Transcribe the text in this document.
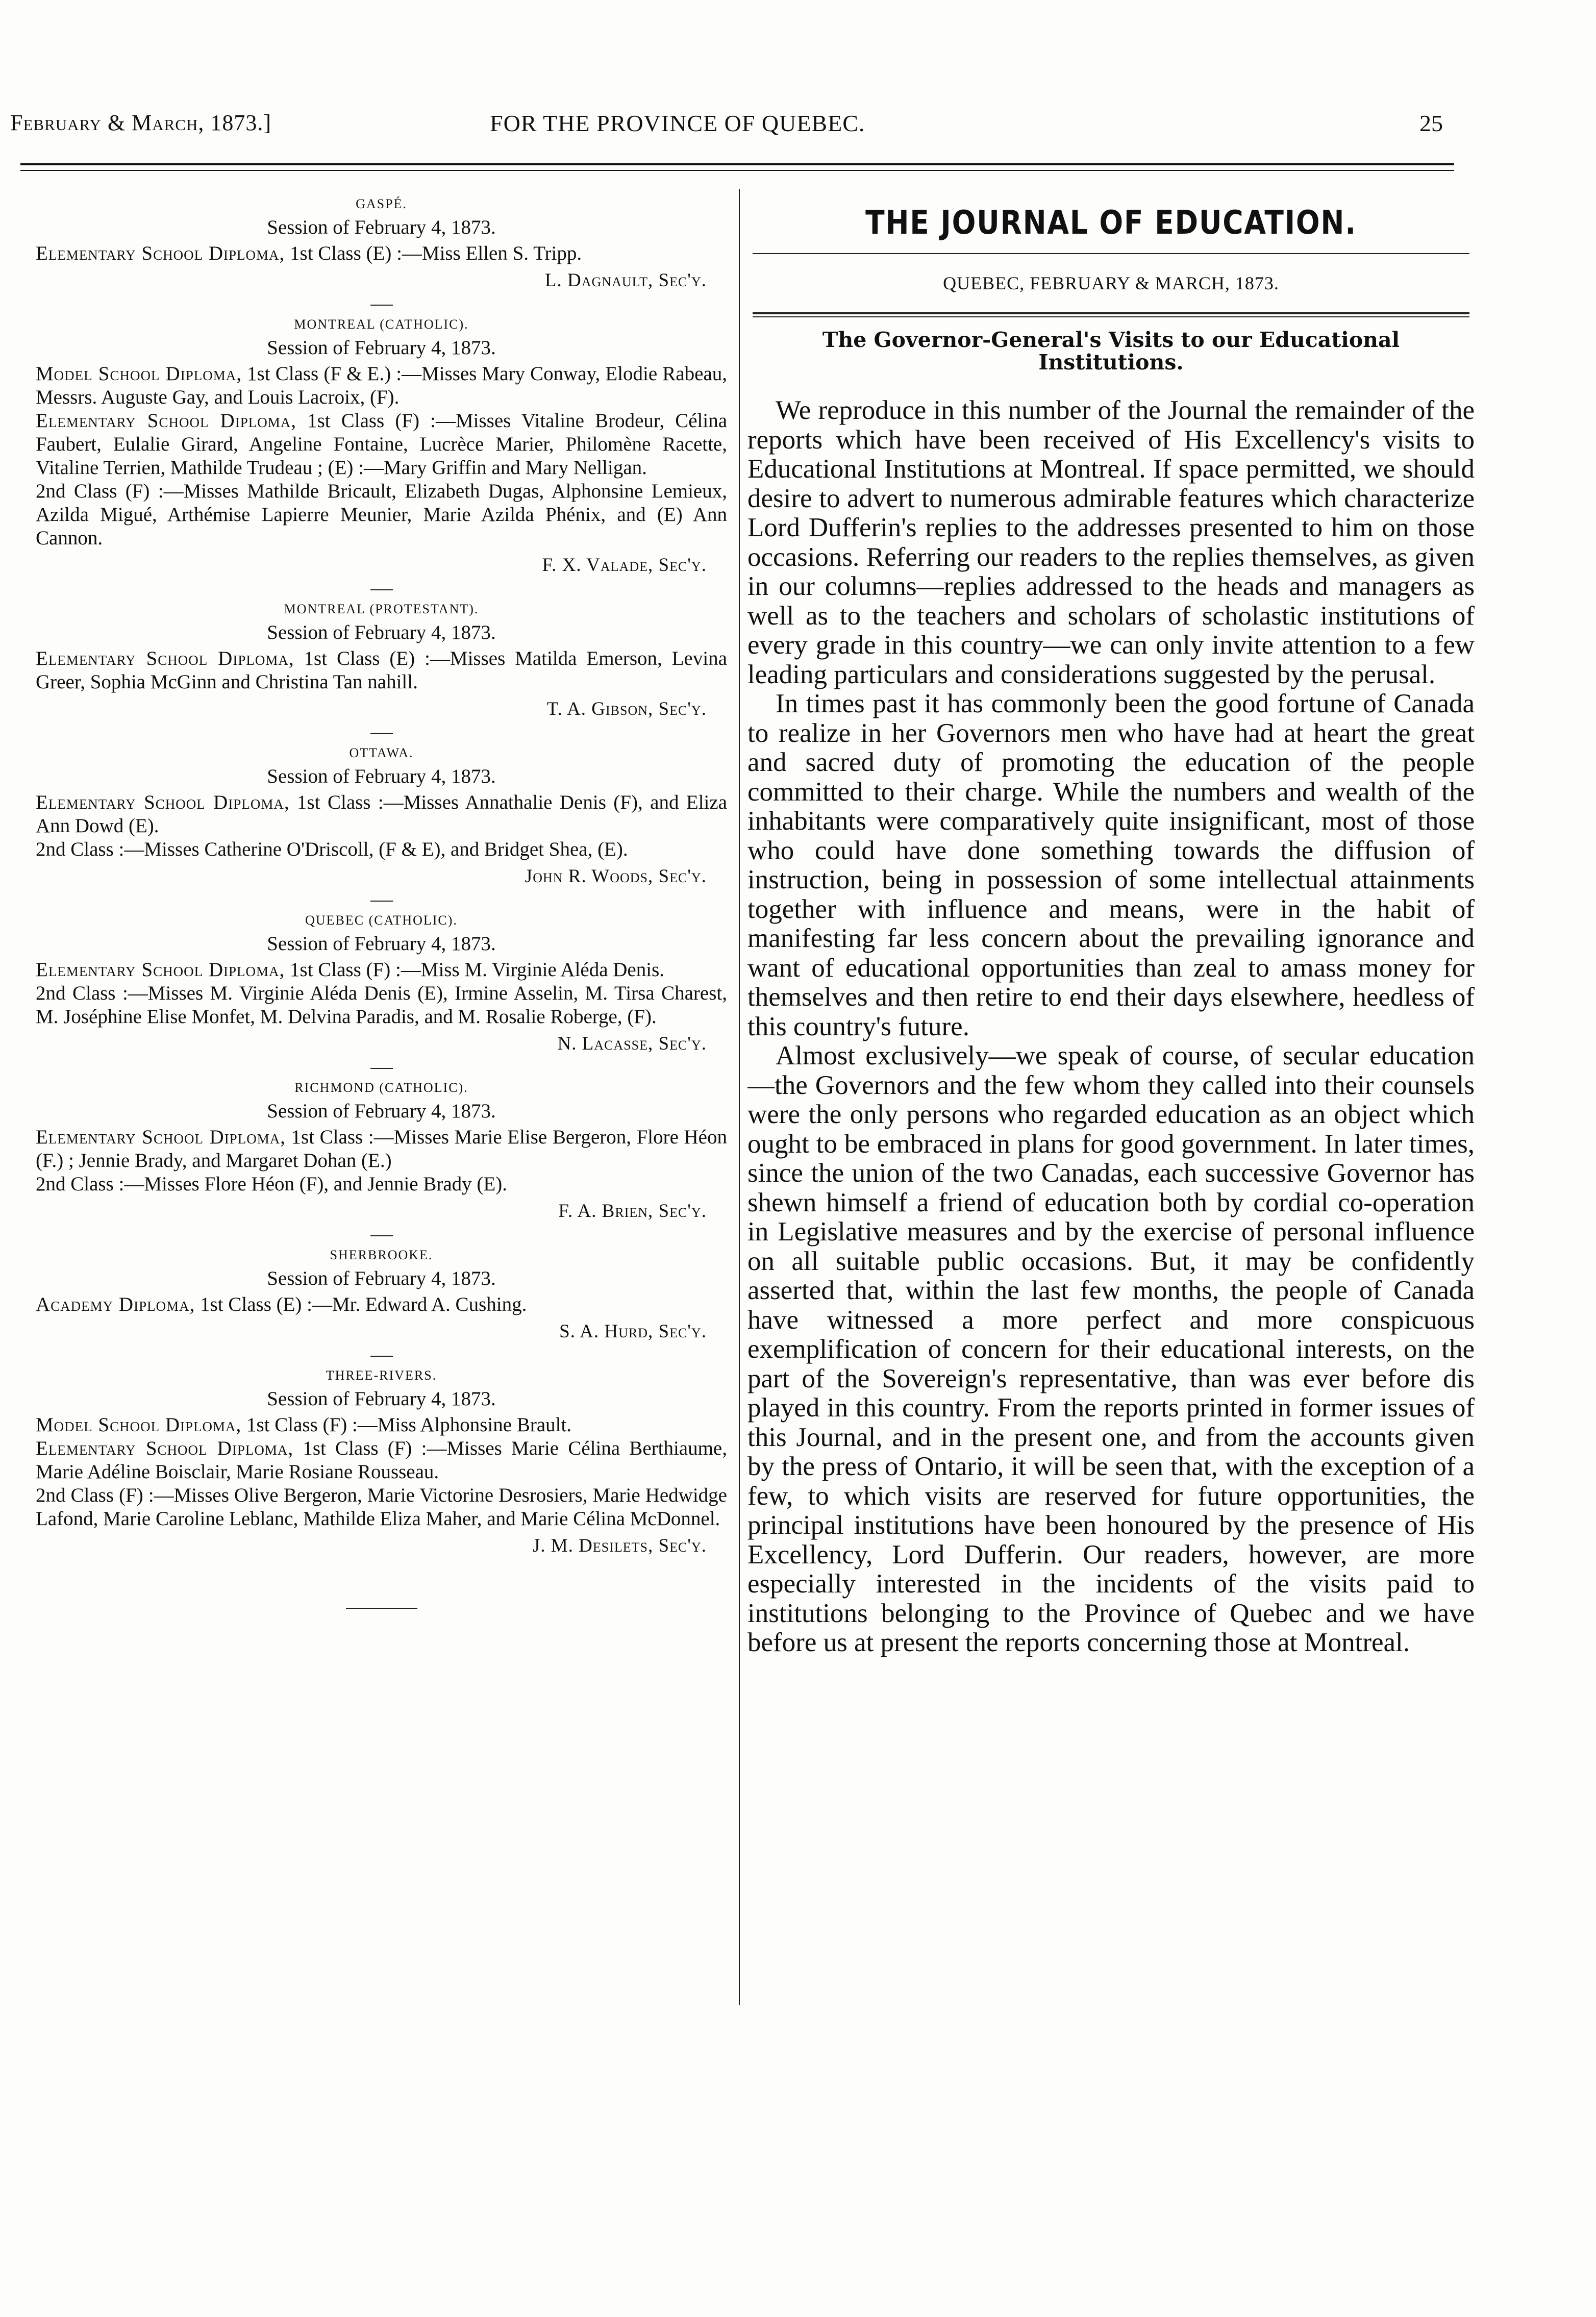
February & March, 1873.]	FOR THE PROVINCE OF QUEBEC.	25
GASPÉ.
Session of February 4, 1873.

Elementary School Diploma, 1st Class (E) :—Miss Ellen S. Tripp.

L. Dagnault, Sec'y.
MONTREAL (CATHOLIC).
Session of February 4, 1873.

Model School Diploma, 1st Class (F & E.) :—Misses Mary Conway, Elodie Rabeau, Messrs. Auguste Gay, and Louis Lacroix, (F).

Elementary School Diploma, 1st Class (F) :—Misses Vitaline Brodeur, Célina Faubert, Eulalie Girard, Angeline Fontaine, Lucrèce Marier, Philomène Racette, Vitaline Terrien, Mathilde Trudeau ; (E) :—Mary Griffin and Mary Nelligan.

2nd Class (F) :—Misses Mathilde Bricault, Elizabeth Dugas, Alphonsine Lemieux, Azilda Migué, Arthémise Lapierre Meunier, Marie Azilda Phénix, and (E) Ann Cannon.

F. X. Valade, Sec'y.
MONTREAL (PROTESTANT).
Session of February 4, 1873.

Elementary School Diploma, 1st Class (E) :—Misses Matilda Emerson, Levina Greer, Sophia McGinn and Christina Tan nahill.

T. A. Gibson, Sec'y.
OTTAWA.
Session of February 4, 1873.

Elementary School Diploma, 1st Class :—Misses Annathalie Denis (F), and Eliza Ann Dowd (E).

2nd Class :—Misses Catherine O'Driscoll, (F & E), and Bridget Shea, (E).

John R. Woods, Sec'y.
QUEBEC (CATHOLIC).
Session of February 4, 1873.

Elementary School Diploma, 1st Class (F) :—Miss M. Virginie Aléda Denis.

2nd Class :—Misses M. Virginie Aléda Denis (E), Irmine Asselin, M. Tirsa Charest, M. Joséphine Elise Monfet, M. Delvina Paradis, and M. Rosalie Roberge, (F).

N. Lacasse, Sec'y.
RICHMOND (CATHOLIC).
Session of February 4, 1873.

Elementary School Diploma, 1st Class :—Misses Marie Elise Bergeron, Flore Héon (F.) ; Jennie Brady, and Margaret Dohan (E.)

2nd Class :—Misses Flore Héon (F), and Jennie Brady (E).

F. A. Brien, Sec'y.
SHERBROOKE.
Session of February 4, 1873.

Academy Diploma, 1st Class (E) :—Mr. Edward A. Cushing.

S. A. Hurd, Sec'y.
THREE-RIVERS.
Session of February 4, 1873.

Model School Diploma, 1st Class (F) :—Miss Alphonsine Brault.

Elementary School Diploma, 1st Class (F) :—Misses Marie Célina Berthiaume, Marie Adéline Boisclair, Marie Rosiane Rousseau.

2nd Class (F) :—Misses Olive Bergeron, Marie Victorine Desrosiers, Marie Hedwidge Lafond, Marie Caroline Leblanc, Mathilde Eliza Maher, and Marie Célina McDonnel.

J. M. Desilets, Sec'y.
THE JOURNAL OF EDUCATION.
QUEBEC, FEBRUARY & MARCH, 1873.
The Governor-General's Visits to our Educational Institutions.

We reproduce in this number of the Journal the remainder of the reports which have been received of His Excellency's visits to Educational Institutions at Montreal. If space permitted, we should desire to advert to numerous admirable features which characterize Lord Dufferin's replies to the addresses presented to him on those occasions. Referring our readers to the replies themselves, as given in our columns—replies addressed to the heads and managers as well as to the teachers and scholars of scholastic institutions of every grade in this country—we can only invite attention to a few leading particulars and considerations suggested by the perusal.

In times past it has commonly been the good fortune of Canada to realize in her Governors men who have had at heart the great and sacred duty of promoting the education of the people committed to their charge. While the numbers and wealth of the inhabitants were comparatively quite insignificant, most of those who could have done something towards the diffusion of instruction, being in possession of some intellectual attainments together with influence and means, were in the habit of manifesting far less concern about the prevailing ignorance and want of educational opportunities than zeal to amass money for themselves and then retire to end their days elsewhere, heedless of this country's future.

Almost exclusively—we speak of course, of secular education—the Governors and the few whom they called into their counsels were the only persons who regarded education as an object which ought to be embraced in plans for good government. In later times, since the union of the two Canadas, each successive Governor has shewn himself a friend of education both by cordial co-operation in Legislative measures and by the exercise of personal influence on all suitable public occasions. But, it may be confidently asserted that, within the last few months, the people of Canada have witnessed a more perfect and more conspicuous exemplification of concern for their educational interests, on the part of the Sovereign's representative, than was ever before dis played in this country. From the reports printed in former issues of this Journal, and in the present one, and from the accounts given by the press of Ontario, it will be seen that, with the exception of a few, to which visits are reserved for future opportunities, the principal institutions have been honoured by the presence of His Excellency, Lord Dufferin. Our readers, however, are more especially interested in the incidents of the visits paid to institutions belonging to the Province of Quebec and we have before us at present the reports concerning those at Montreal.
